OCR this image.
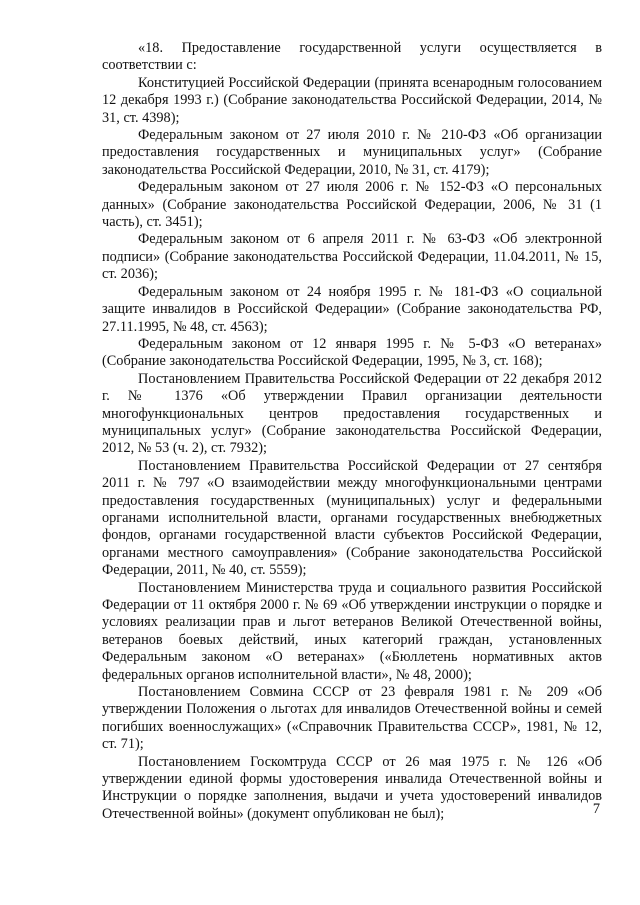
«18. Предоставление государственной услуги осуществляется в соответствии с:

Конституцией Российской Федерации (принята всенародным голосованием 12 декабря 1993 г.) (Собрание законодательства Российской Федерации, 2014, № 31, ст. 4398);

Федеральным законом от 27 июля 2010 г. № 210-ФЗ «Об организации предоставления государственных и муниципальных услуг» (Собрание законодательства Российской Федерации, 2010, № 31, ст. 4179);

Федеральным законом от 27 июля 2006 г. № 152-ФЗ «О персональных данных» (Собрание законодательства Российской Федерации, 2006, № 31 (1 часть), ст. 3451);

Федеральным законом от 6 апреля 2011 г. № 63-ФЗ «Об электронной подписи» (Собрание законодательства Российской Федерации, 11.04.2011, № 15, ст. 2036);

Федеральным законом от 24 ноября 1995 г. № 181-ФЗ «О социальной защите инвалидов в Российской Федерации» (Собрание законодательства РФ, 27.11.1995, № 48, ст. 4563);

Федеральным законом от 12 января 1995 г. № 5-ФЗ «О ветеранах» (Собрание законодательства Российской Федерации, 1995, № 3, ст. 168);

Постановлением Правительства Российской Федерации от 22 декабря 2012 г. № 1376 «Об утверждении Правил организации деятельности многофункциональных центров предоставления государственных и муниципальных услуг» (Собрание законодательства Российской Федерации, 2012, № 53 (ч. 2), ст. 7932);

Постановлением Правительства Российской Федерации от 27 сентября 2011 г. № 797 «О взаимодействии между многофункциональными центрами предоставления государственных (муниципальных) услуг и федеральными органами исполнительной власти, органами государственных внебюджетных фондов, органами государственной власти субъектов Российской Федерации, органами местного самоуправления» (Собрание законодательства Российской Федерации, 2011, № 40, ст. 5559);

Постановлением Министерства труда и социального развития Российской Федерации от 11 октября 2000 г. № 69 «Об утверждении инструкции о порядке и условиях реализации прав и льгот ветеранов Великой Отечественной войны, ветеранов боевых действий, иных категорий граждан, установленных Федеральным законом «О ветеранах» («Бюллетень нормативных актов федеральных органов исполнительной власти», № 48, 2000);

Постановлением Совмина СССР от 23 февраля 1981 г. № 209 «Об утверждении Положения о льготах для инвалидов Отечественной войны и семей погибших военнослужащих» («Справочник Правительства СССР», 1981, № 12, ст. 71);

Постановлением Госкомтруда СССР от 26 мая 1975 г. № 126 «Об утверждении единой формы удостоверения инвалида Отечественной войны и Инструкции о порядке заполнения, выдачи и учета удостоверений инвалидов Отечественной войны» (документ опубликован не был);	7
